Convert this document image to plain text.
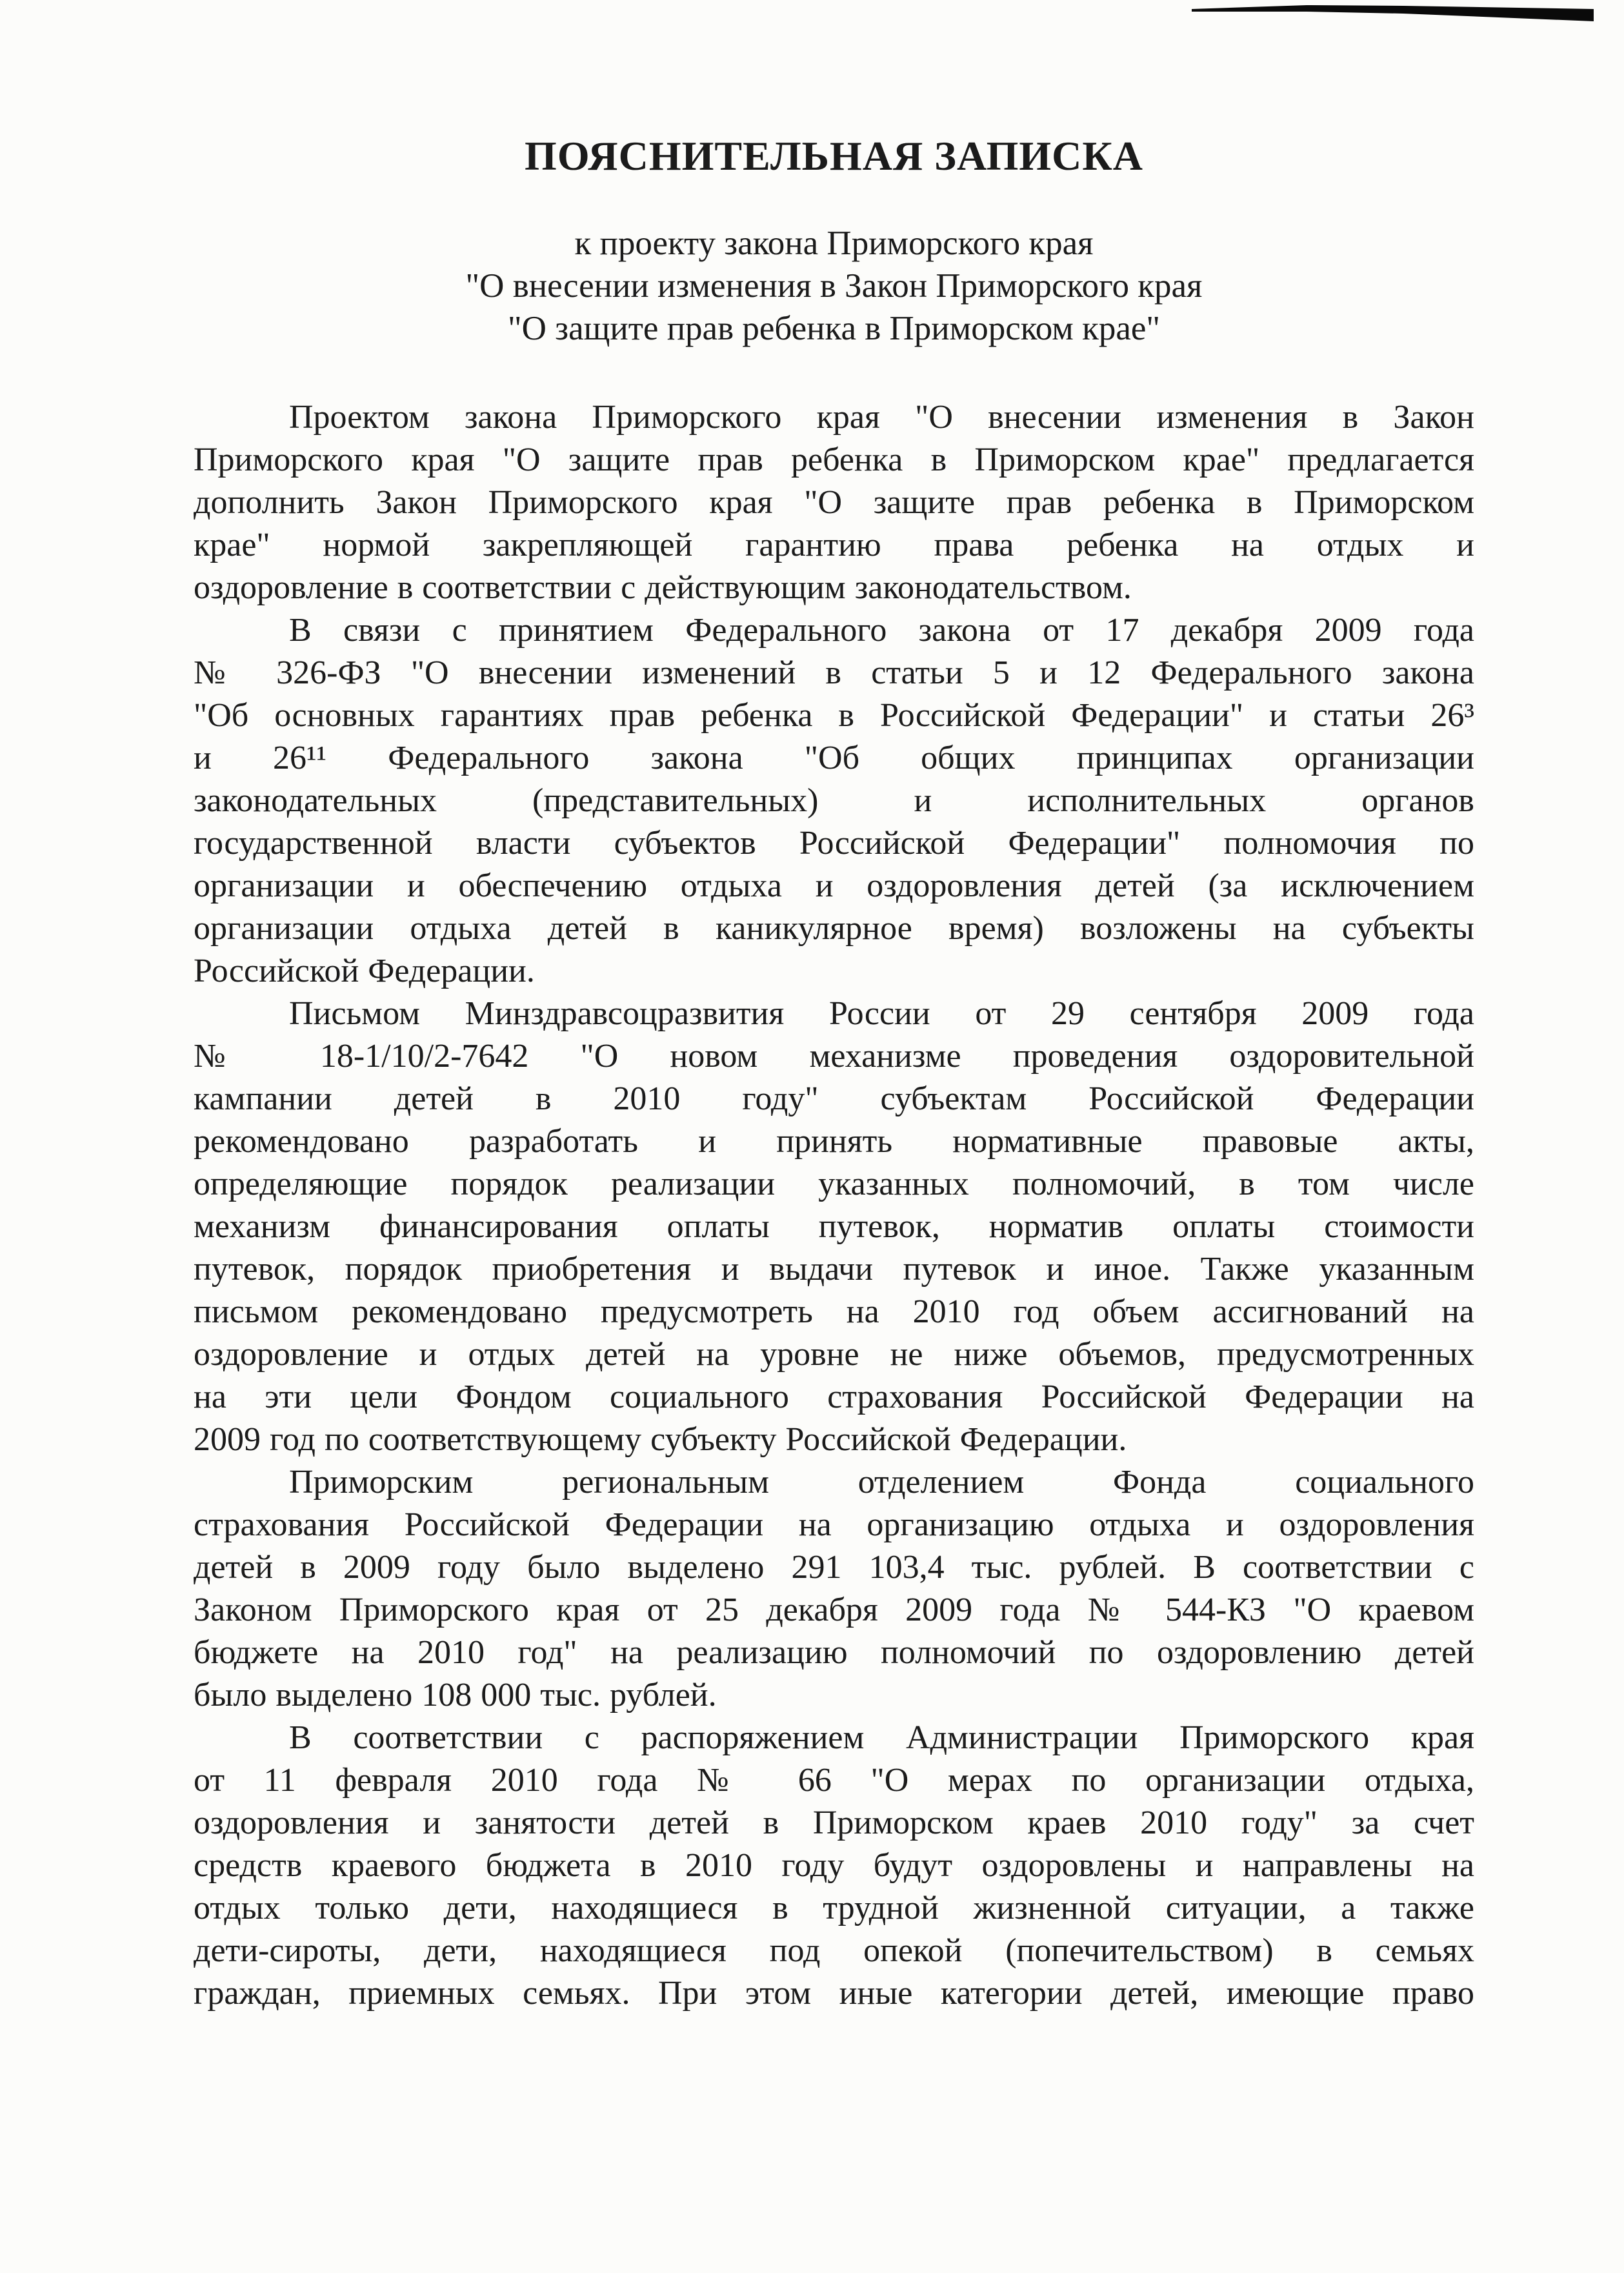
ПОЯСНИТЕЛЬНАЯ ЗАПИСКА
к проекту закона Приморского края
"О внесении изменения в Закон Приморского края
"О защите прав ребенка в Приморском крае"
Проектом закона Приморского края "О внесении изменения в Закон
Приморского края "О защите прав ребенка в Приморском крае" предлагается
дополнить Закон Приморского края "О защите прав ребенка в Приморском
крае" нормой закрепляющей гарантию права ребенка на отдых и
оздоровление в соответствии с действующим законодательством.
В связи с принятием Федерального закона от 17 декабря 2009 года
№ 326-ФЗ "О внесении изменений в статьи 5 и 12 Федерального закона
"Об основных гарантиях прав ребенка в Российской Федерации" и статьи 26³
и 26¹¹ Федерального закона "Об общих принципах организации
законодательных (представительных) и исполнительных органов
государственной власти субъектов Российской Федерации" полномочия по
организации и обеспечению отдыха и оздоровления детей (за исключением
организации отдыха детей в каникулярное время) возложены на субъекты
Российской Федерации.
Письмом Минздравсоцразвития России от 29 сентября 2009 года
№ 18-1/10/2-7642 "О новом механизме проведения оздоровительной
кампании детей в 2010 году" субъектам Российской Федерации
рекомендовано разработать и принять нормативные правовые акты,
определяющие порядок реализации указанных полномочий, в том числе
механизм финансирования оплаты путевок, норматив оплаты стоимости
путевок, порядок приобретения и выдачи путевок и иное. Также указанным
письмом рекомендовано предусмотреть на 2010 год объем ассигнований на
оздоровление и отдых детей на уровне не ниже объемов, предусмотренных
на эти цели Фондом социального страхования Российской Федерации на
2009 год по соответствующему субъекту Российской Федерации.
Приморским региональным отделением Фонда социального
страхования Российской Федерации на организацию отдыха и оздоровления
детей в 2009 году было выделено 291 103,4 тыс. рублей. В соответствии с
Законом Приморского края от 25 декабря 2009 года № 544-КЗ "О краевом
бюджете на 2010 год" на реализацию полномочий по оздоровлению детей
было выделено 108 000 тыс. рублей.
В соответствии с распоряжением Администрации Приморского края
от 11 февраля 2010 года № 66 "О мерах по организации отдыха,
оздоровления и занятости детей в Приморском краев 2010 году" за счет
средств краевого бюджета в 2010 году будут оздоровлены и направлены на
отдых только дети, находящиеся в трудной жизненной ситуации, а также
дети-сироты, дети, находящиеся под опекой (попечительством) в семьях
граждан, приемных семьях. При этом иные категории детей, имеющие право
